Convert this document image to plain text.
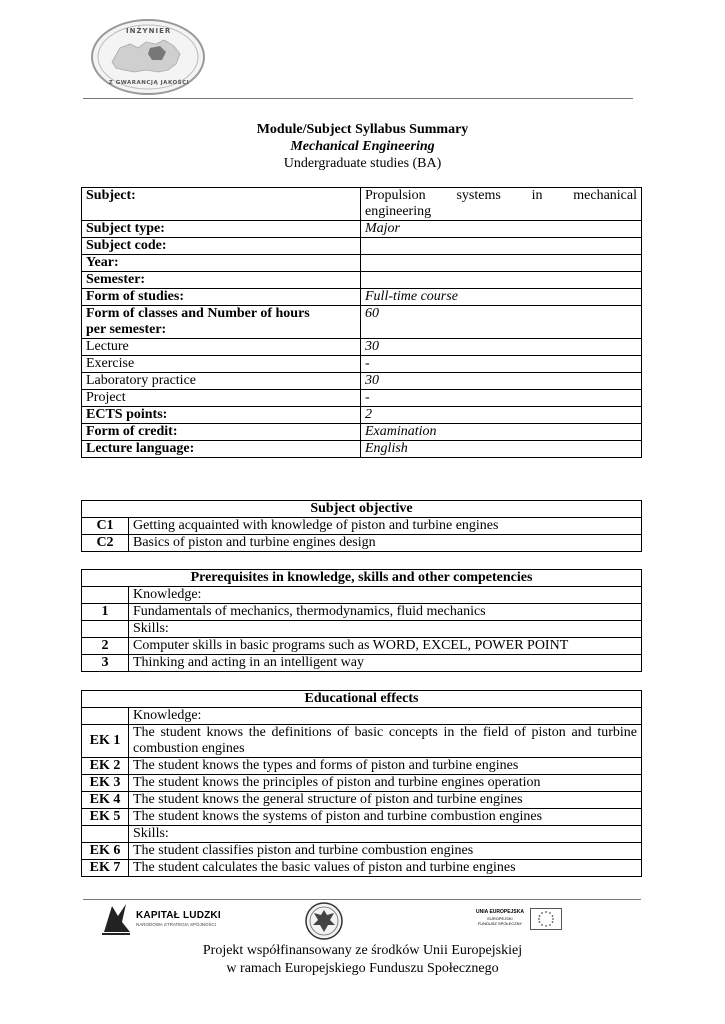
INŻYNIER
Z GWARANCJĄ JAKOŚCI
Module/Subject Syllabus Summary
Mechanical Engineering
Undergraduate studies (BA)
Subject:	Propulsion systems in mechanical
engineering

Subject type:	Major
Subject code:	
Year:	
Semester:	
Form of studies:	Full-time course

Form of classes and Number of hours
per semester:	60
Lecture	30
Exercise	-
Laboratory practice	30
Project	-
ECTS points:	2
Form of credit:	Examination
Lecture language:	English
Subject objective	
C1	Getting acquainted with knowledge of piston and turbine engines
C2	Basics of piston and turbine engines design
Prerequisites in knowledge, skills and other competencies	
	Knowledge:
1	Fundamentals of mechanics, thermodynamics, fluid mechanics
	Skills:
2	Computer skills in basic programs such as WORD, EXCEL, POWER POINT
3	Thinking and acting in an intelligent way
Educational effects	
	Knowledge:
EK 1	The student knows the definitions of basic concepts in the field of piston and turbine
combustion engines

EK 2	The student knows the types and forms of piston and turbine engines
EK 3	The student knows the principles of piston and turbine engines operation
EK 4	The student knows the general structure of piston and turbine engines
EK 5	The student knows the systems of piston and turbine combustion engines
	Skills:
EK 6	The student classifies piston and turbine combustion engines
EK 7	The student calculates the basic values of piston and turbine engines
KAPITAŁ LUDZKI
NARODOWA STRATEGIA SPÓJNOŚCI
UNIA EUROPEJSKA
EUROPEJSKI
FUNDUSZ SPOŁECZNY
Projekt współfinansowany ze środków Unii Europejskiej
w ramach Europejskiego Funduszu Społecznego
